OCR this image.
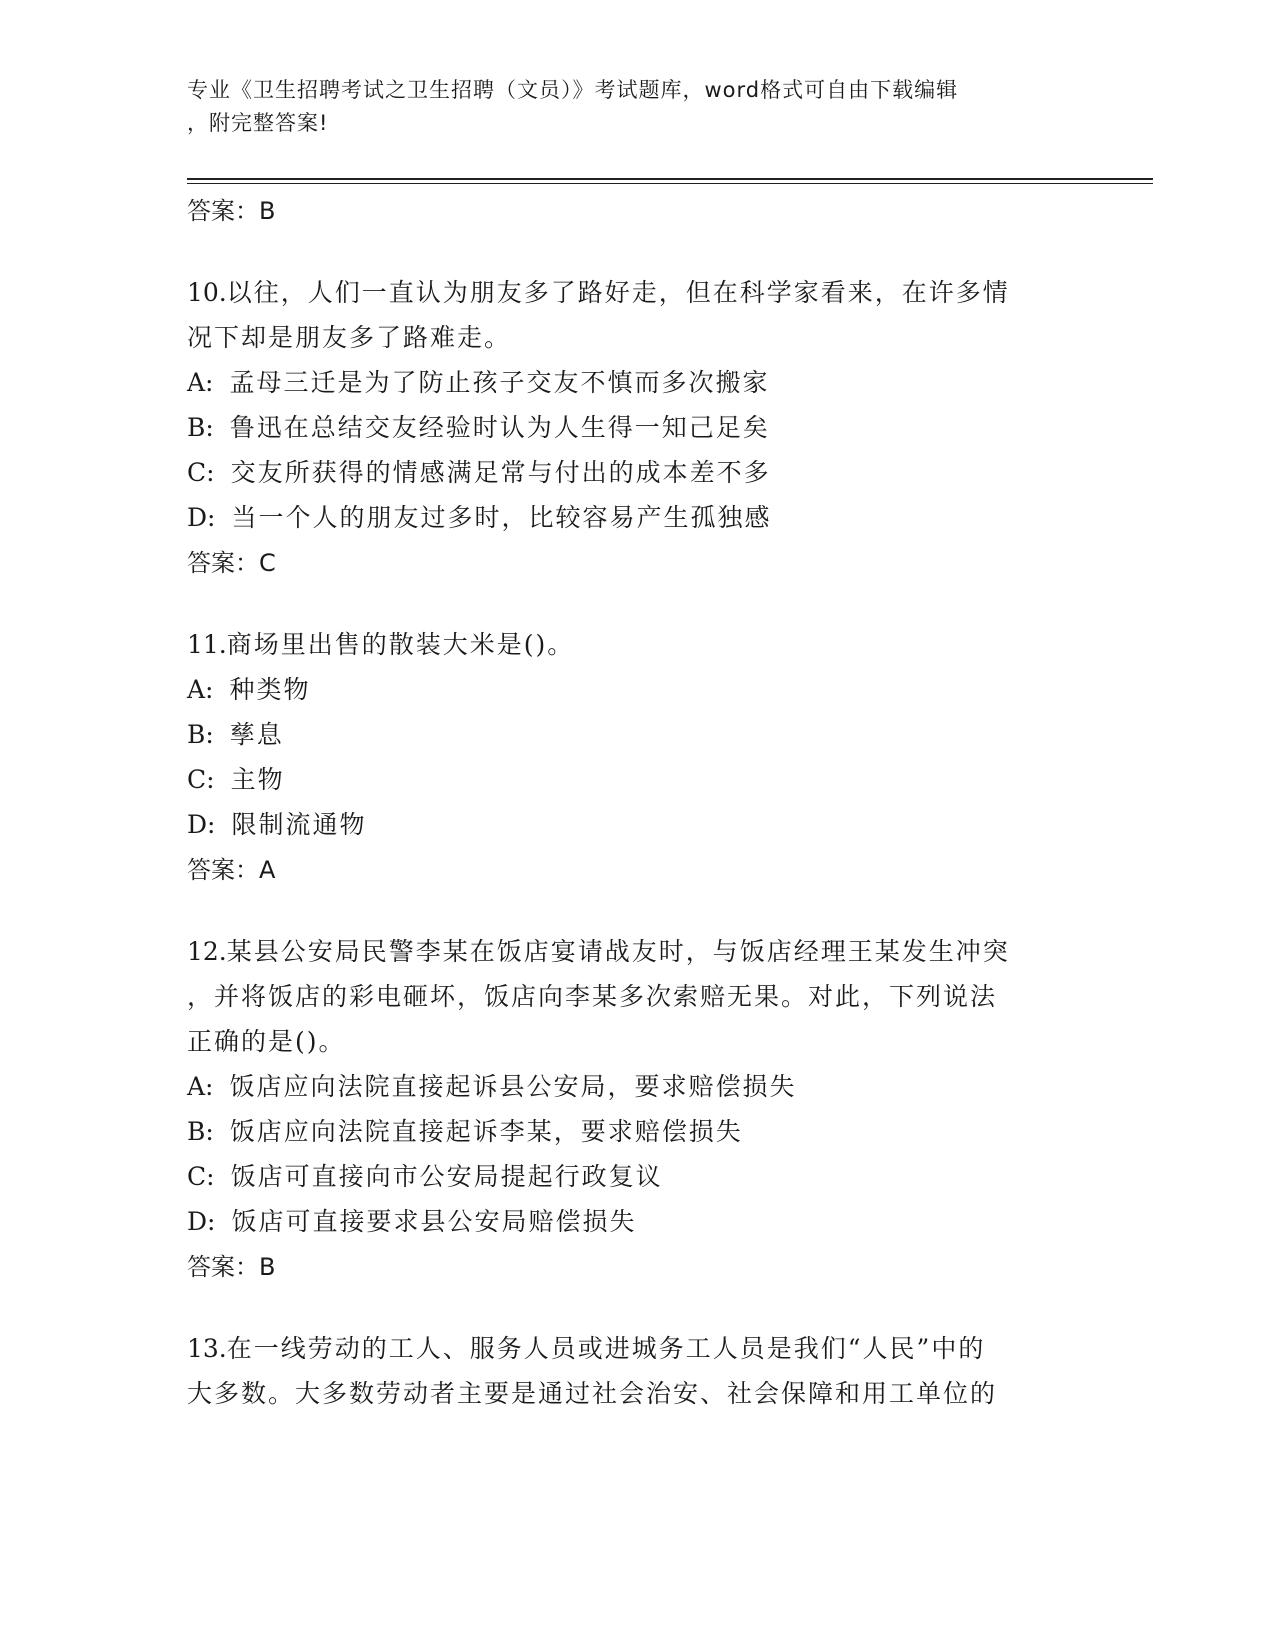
专业《卫生招聘考试之卫生招聘（文员）》考试题库，word格式可自由下载编辑
，附完整答案!

答案：B

10.以往，人们一直认为朋友多了路好走，但在科学家看来，在许多情

况下却是朋友多了路难走。

A: 孟母三迁是为了防止孩子交友不慎而多次搬家

B: 鲁迅在总结交友经验时认为人生得一知己足矣

C: 交友所获得的情感满足常与付出的成本差不多

D: 当一个人的朋友过多时，比较容易产生孤独感

答案：C

11.商场里出售的散装大米是()。

A: 种类物

B: 孳息

C: 主物

D: 限制流通物

答案：A

12.某县公安局民警李某在饭店宴请战友时，与饭店经理王某发生冲突

，并将饭店的彩电砸坏，饭店向李某多次索赔无果。对此，下列说法

正确的是()。

A: 饭店应向法院直接起诉县公安局，要求赔偿损失

B: 饭店应向法院直接起诉李某，要求赔偿损失

C: 饭店可直接向市公安局提起行政复议

D: 饭店可直接要求县公安局赔偿损失

答案：B

13.在一线劳动的工人、服务人员或进城务工人员是我们“人民”中的

大多数。大多数劳动者主要是通过社会治安、社会保障和用工单位的
